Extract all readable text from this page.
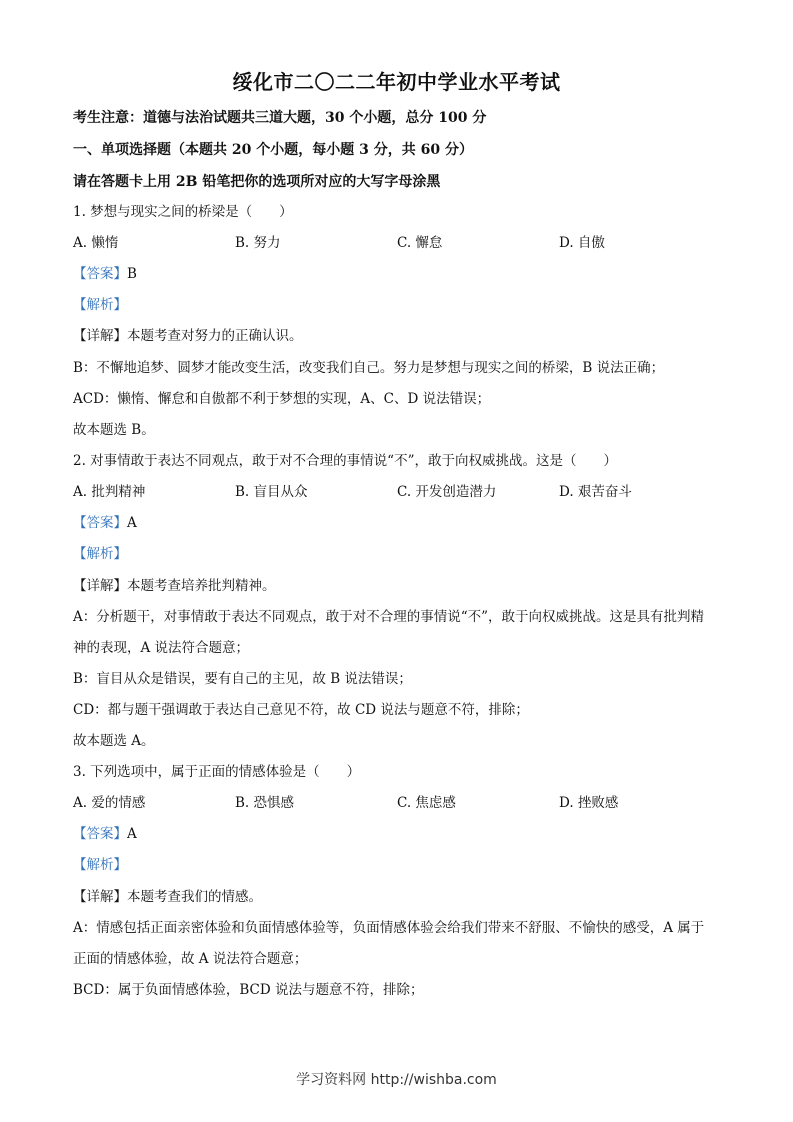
绥化市二〇二二年初中学业水平考试
考生注意：道德与法治试题共三道大题，30 个小题，总分 100 分
一、单项选择题（本题共 20 个小题，每小题 3 分，共 60 分）
请在答题卡上用 2B 铅笔把你的选项所对应的大写字母涂黑
1. 梦想与现实之间的桥梁是（　　）
A. 懒惰	B. 努力	C. 懈怠	D. 自傲
【答案】B
【解析】
【详解】本题考查对努力的正确认识。
B：不懈地追梦、圆梦才能改变生活，改变我们自己。努力是梦想与现实之间的桥梁，B 说法正确；
ACD：懒惰、懈怠和自傲都不利于梦想的实现，A、C、D 说法错误；
故本题选 B。
2. 对事情敢于表达不同观点，敢于对不合理的事情说“不”，敢于向权威挑战。这是（　　）
A. 批判精神	B. 盲目从众	C. 开发创造潜力	D. 艰苦奋斗
【答案】A
【解析】
【详解】本题考查培养批判精神。
A：分析题干，对事情敢于表达不同观点，敢于对不合理的事情说“不”，敢于向权威挑战。这是具有批判精
神的表现，A 说法符合题意；
B：盲目从众是错误，要有自己的主见，故 B 说法错误；
CD：都与题干强调敢于表达自己意见不符，故 CD 说法与题意不符，排除；
故本题选 A。
3. 下列选项中，属于正面的情感体验是（　　）
A. 爱的情感	B. 恐惧感	C. 焦虑感	D. 挫败感
【答案】A
【解析】
【详解】本题考查我们的情感。
A：情感包括正面亲密体验和负面情感体验等，负面情感体验会给我们带来不舒服、不愉快的感受，A 属于
正面的情感体验，故 A 说法符合题意；
BCD：属于负面情感体验，BCD 说法与题意不符，排除；
学习资料网 http://wishba.com
